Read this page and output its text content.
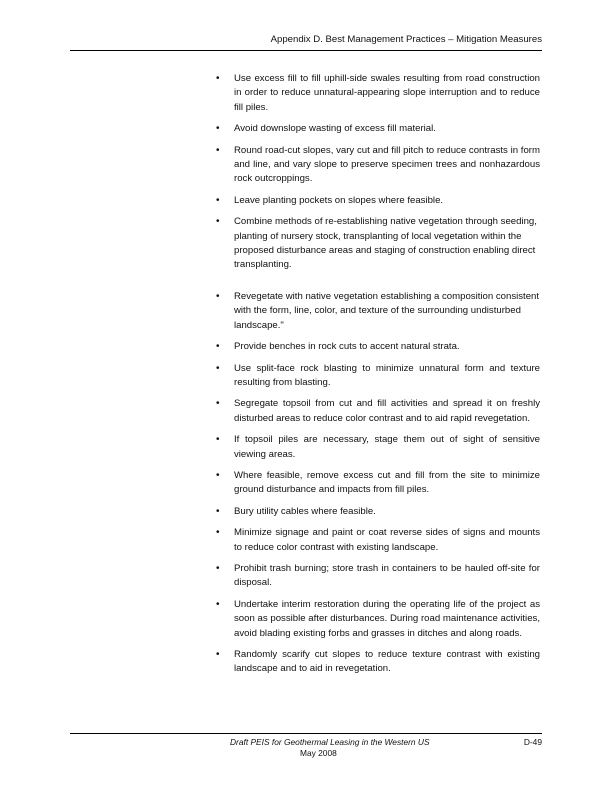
Appendix D. Best Management Practices – Mitigation Measures
•	Use excess fill to fill uphill-side swales resulting from road construction in order to reduce unnatural-appearing slope interruption and to reduce fill piles.
•	Avoid downslope wasting of excess fill material.
•	Round road-cut slopes, vary cut and fill pitch to reduce contrasts in form and line, and vary slope to preserve specimen trees and nonhazardous rock outcroppings.
•	Leave planting pockets on slopes where feasible.
•	Combine methods of re-establishing native vegetation through seeding, planting of nursery stock, transplanting of local vegetation within the proposed disturbance areas and staging of construction enabling direct transplanting.
•	Revegetate with native vegetation establishing a composition consistent with the form, line, color, and texture of the surrounding undisturbed landscape."
•	Provide benches in rock cuts to accent natural strata.
•	Use split-face rock blasting to minimize unnatural form and texture resulting from blasting.
•	Segregate topsoil from cut and fill activities and spread it on freshly disturbed areas to reduce color contrast and to aid rapid revegetation.
•	If topsoil piles are necessary, stage them out of sight of sensitive viewing areas.
•	Where feasible, remove excess cut and fill from the site to minimize ground disturbance and impacts from fill piles.
•	Bury utility cables where feasible.
•	Minimize signage and paint or coat reverse sides of signs and mounts to reduce color contrast with existing landscape.
•	Prohibit trash burning; store trash in containers to be hauled off-site for disposal.
•	Undertake interim restoration during the operating life of the project as soon as possible after disturbances. During road maintenance activities, avoid blading existing forbs and grasses in ditches and along roads.
•	Randomly scarify cut slopes to reduce texture contrast with existing landscape and to aid in revegetation.
Draft PEIS for Geothermal Leasing in the Western US	D-49
May 2008
